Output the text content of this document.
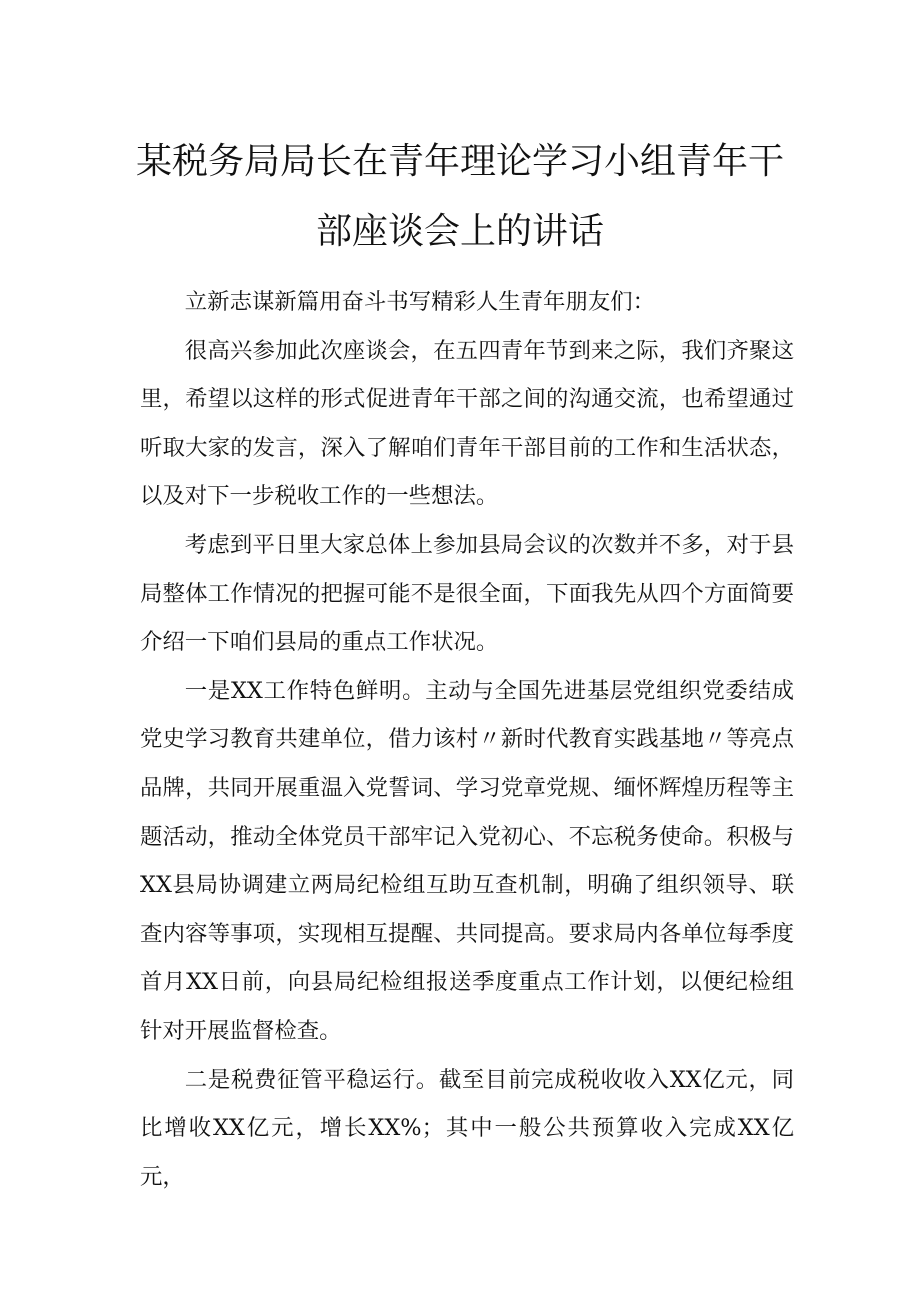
某税务局局长在青年理论学习小组青年干
部座谈会上的讲话

立新志谋新篇用奋斗书写精彩人生青年朋友们：

很高兴参加此次座谈会，在五四青年节到来之际，我们齐聚这里，希望以这样的形式促进青年干部之间的沟通交流，也希望通过听取大家的发言，深入了解咱们青年干部目前的工作和生活状态，以及对下一步税收工作的一些想法。

考虑到平日里大家总体上参加县局会议的次数并不多，对于县局整体工作情况的把握可能不是很全面，下面我先从四个方面简要介绍一下咱们县局的重点工作状况。

一是XX工作特色鲜明。主动与全国先进基层党组织党委结成党史学习教育共建单位，借力该村〃新时代教育实践基地〃等亮点品牌，共同开展重温入党誓词、学习党章党规、缅怀辉煌历程等主题活动，推动全体党员干部牢记入党初心、不忘税务使命。积极与XX县局协调建立两局纪检组互助互查机制，明确了组织领导、联查内容等事项，实现相互提醒、共同提高。要求局内各单位每季度首月XX日前，向县局纪检组报送季度重点工作计划，以便纪检组针对开展监督检查。

二是税费征管平稳运行。截至目前完成税收收入XX亿元，同比增收XX亿元，增长XX%；其中一般公共预算收入完成XX亿元，
